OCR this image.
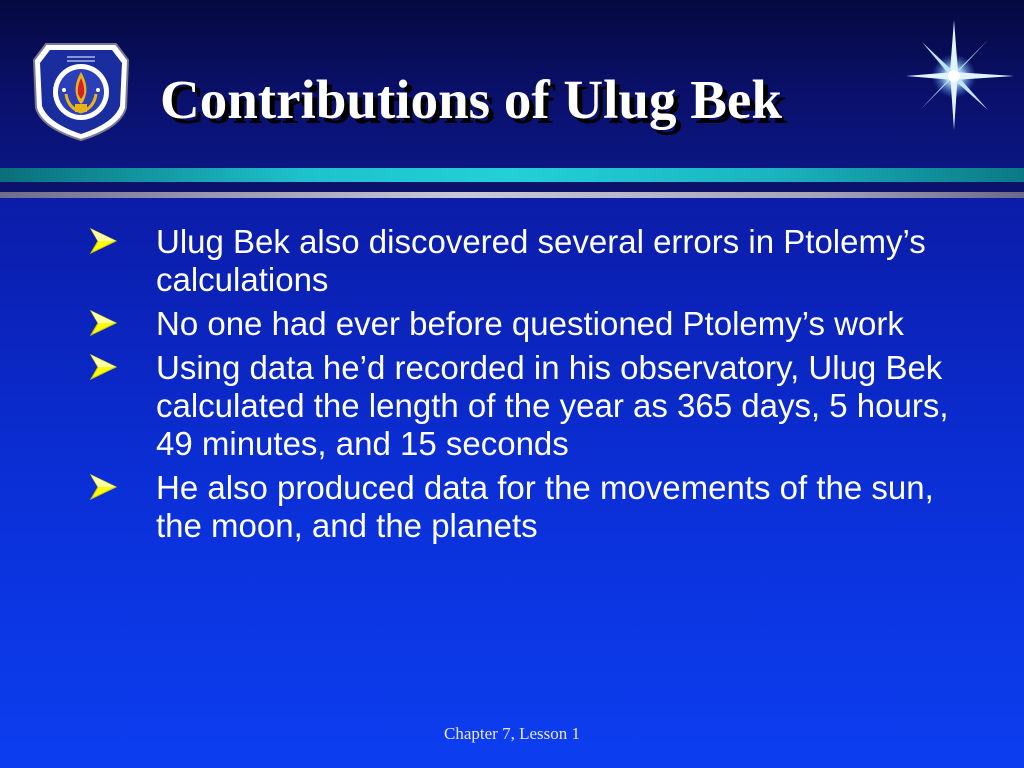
Contributions of Ulug Bek
Ulug Bek also discovered several errors in Ptolemy’s calculations
No one had ever before questioned Ptolemy’s work
Using data he’d recorded in his observatory, Ulug Bek calculated the length of the year as 365 days, 5 hours, 49 minutes, and 15 seconds
He also produced data for the movements of the sun, the moon, and the planets
Chapter 7, Lesson 1
